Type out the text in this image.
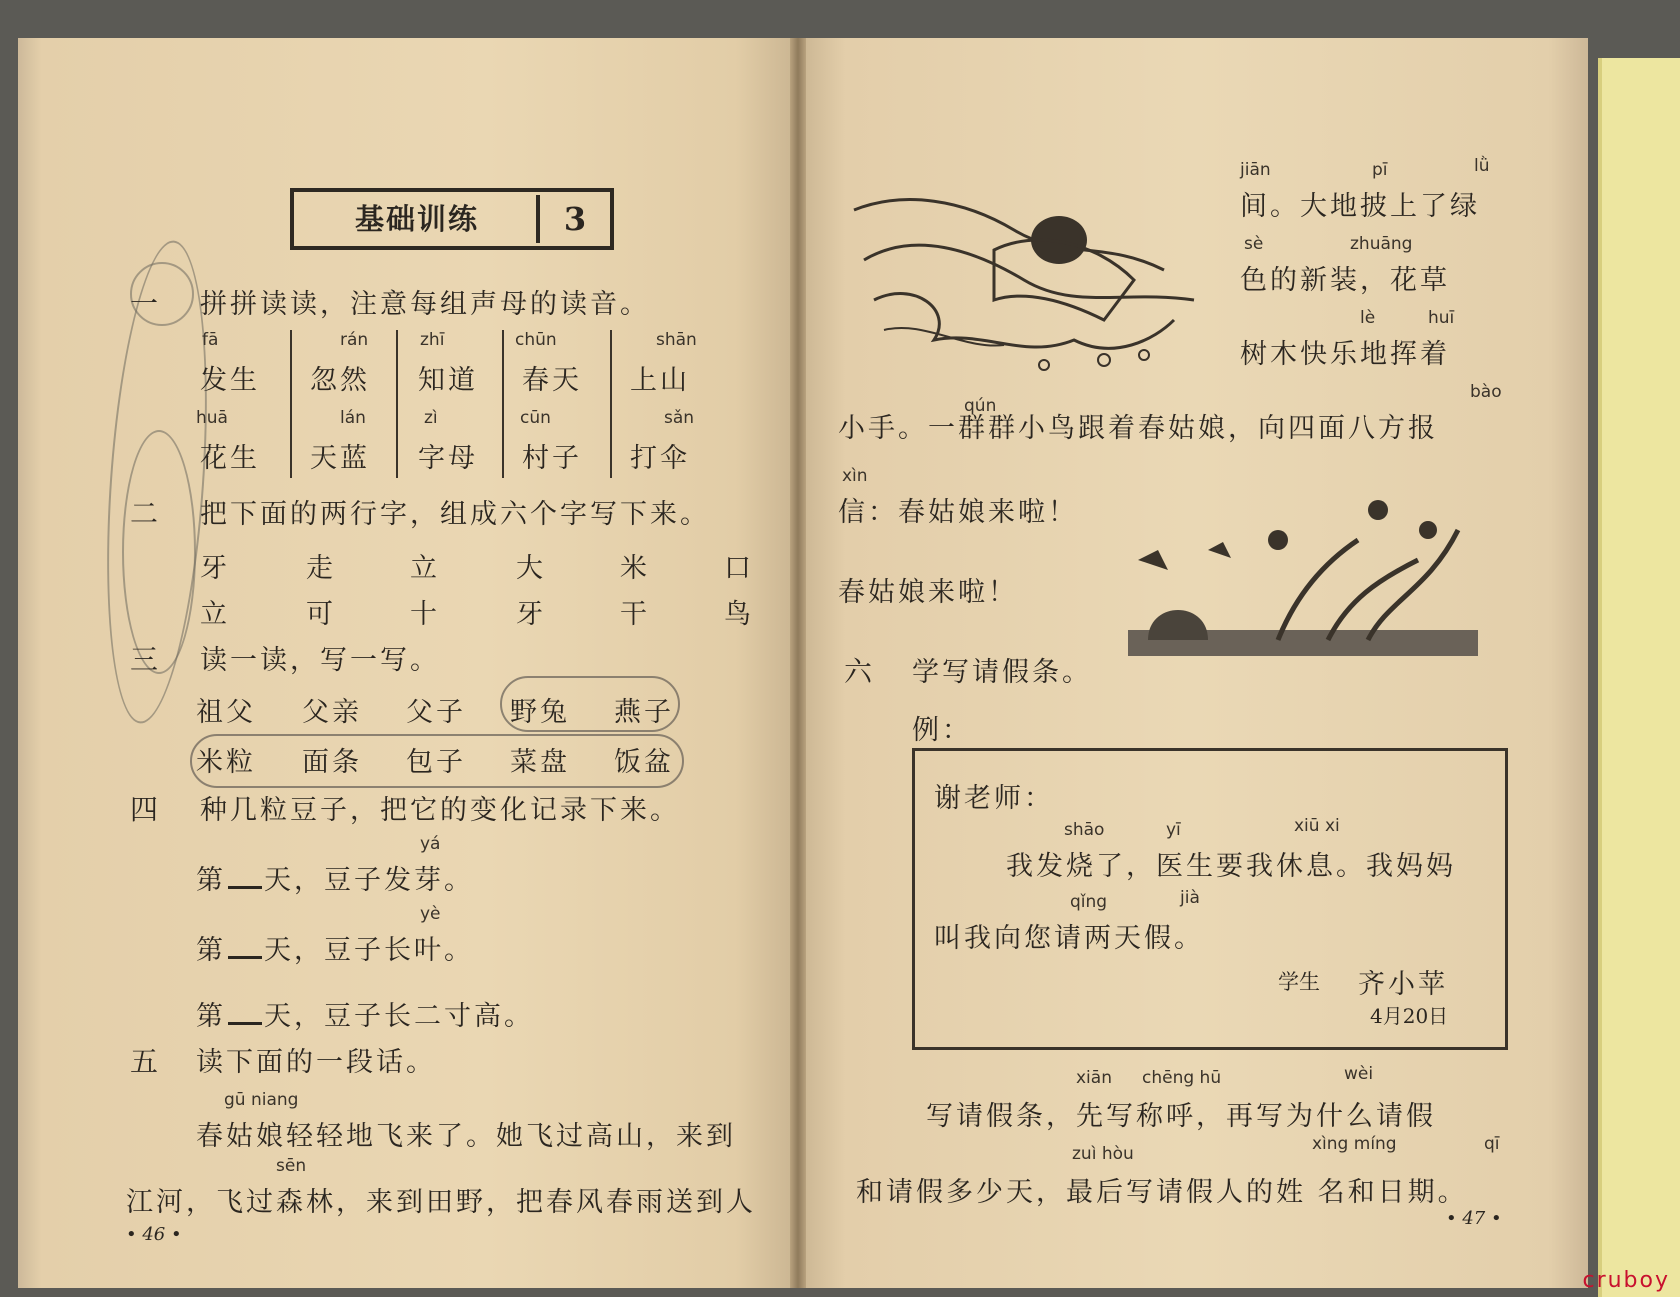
基础训练	3
一 拼拼读读，注意每组声母的读音。
fā	rán	zhī	chūn	shān
发生 忽然 知道 春天 上山
huā	lán	zì	cūn	sǎn
花生 天蓝 字母 村子 打伞
二 把下面的两行字，组成六个字写下来。
牙	走	立	大	米	口
立	可	十	牙	干	鸟
三 读一读，写一写。
祖父 父亲 父子 野兔 燕子
米粒 面条 包子 菜盘 饭盆
四 种几粒豆子，把它的变化记录下来。
yá
第 天，豆子发芽。
yè
第 天，豆子长叶。
第 天，豆子长二寸高。
五 读下面的一段话。
gū niang
春姑娘轻轻地飞来了。她飞过高山，来到
sēn
江河，飞过森林，来到田野，把春风春雨送到人
• 46 •
jiān	pī	lǜ
间。大地披上了绿
sè	zhuāng
色的新装，花草
lè	huī
树木快乐地挥着
qún
bào
小手。一群群小鸟跟着春姑娘，向四面八方报
xìn
信：春姑娘来啦！
春姑娘来啦！
六 学写请假条。
例：
谢老师：
shāo	yī	xiū xi
我发烧了，医生要我休息。我妈妈
qǐng	jià
叫我向您请两天假。
学生 齐小苹
4月20日
xiān chēng hū	wèi
写请假条，先写称呼，再写为什么请假
zuì hòu	xìng míng	qī
和请假多少天，最后写请假人的姓 名和日期。
• 47 •
cruboy
